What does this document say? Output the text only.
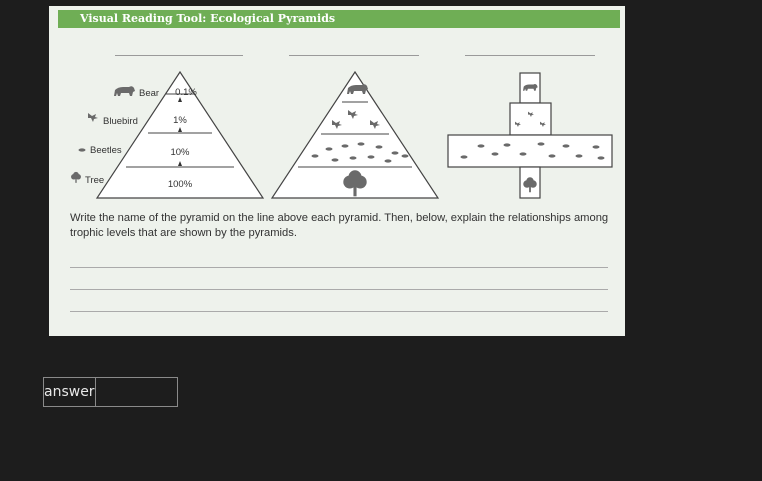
Visual Reading Tool: Ecological Pyramids
Bear
Bluebird
Beetles
Tree
0.1%
1%
10%
100%
Write the name of the pyramid on the line above each pyramid. Then, below, explain the relationships among trophic levels that are shown by the pyramids.
answer
